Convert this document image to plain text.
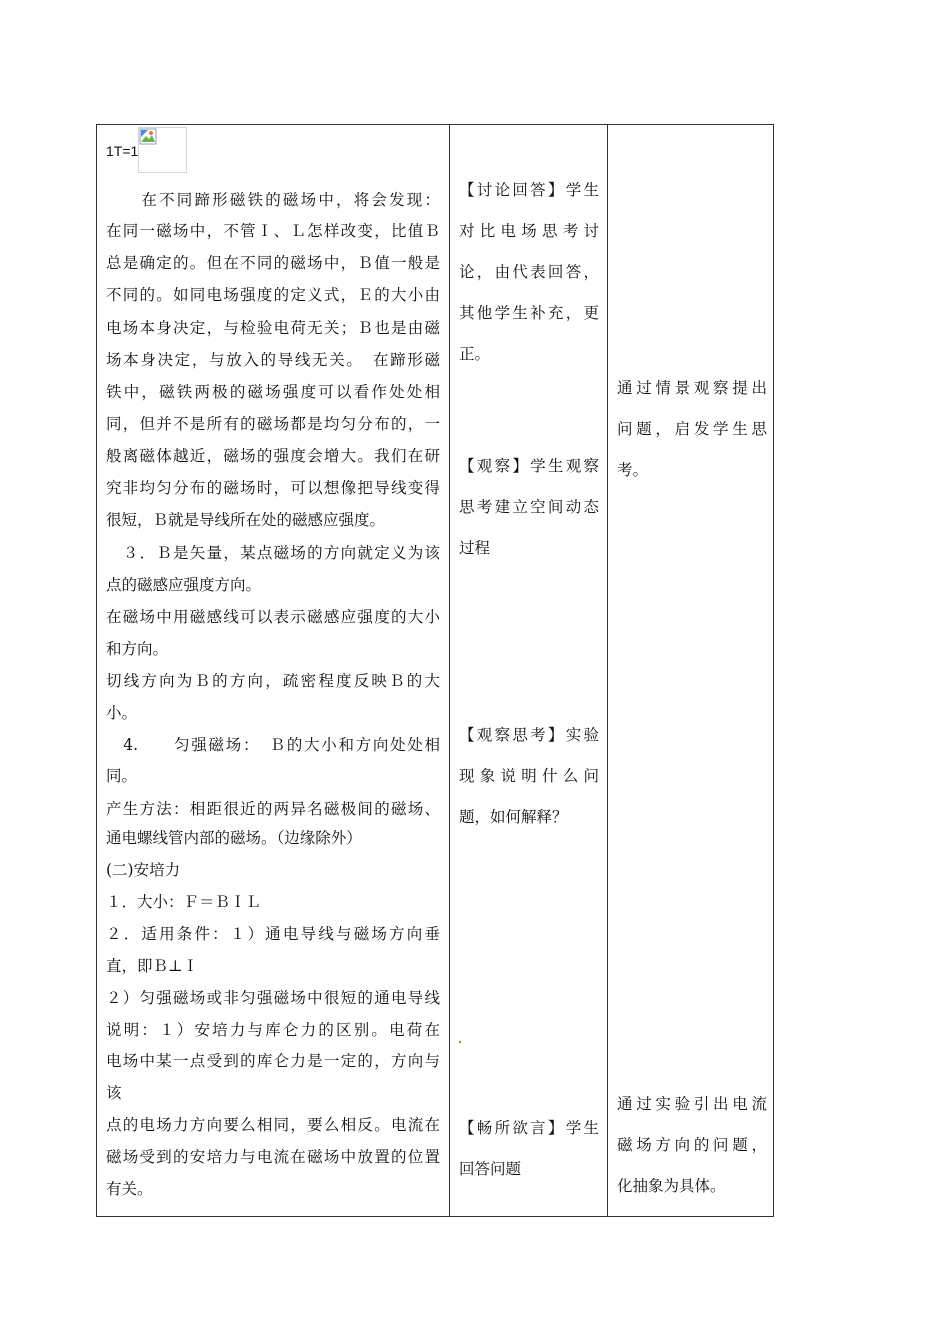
1T=1
　　在不同蹄形磁铁的磁场中，将会发现：
在同一磁场中，不管Ｉ、Ｌ怎样改变，比值Ｂ
总是确定的。但在不同的磁场中，Ｂ值一般是
不同的。如同电场强度的定义式，Ｅ的大小由
电场本身决定，与检验电荷无关；Ｂ也是由磁
场本身决定，与放入的导线无关。　在蹄形磁
铁中，磁铁两极的磁场强度可以看作处处相
同，但并不是所有的磁场都是均匀分布的，一
般离磁体越近，磁场的强度会增大。我们在研
究非均匀分布的磁场时，可以想像把导线变得
很短，Ｂ就是导线所在处的磁感应强度。
　３．Ｂ是矢量，某点磁场的方向就定义为该
点的磁感应强度方向。
在磁场中用磁感线可以表示磁感应强度的大小
和方向。
切线方向为Ｂ的方向，疏密程度反映Ｂ的大
小。
　4.　　匀强磁场：　Ｂ的大小和方向处处相
同。
产生方法：相距很近的两异名磁极间的磁场、
通电螺线管内部的磁场。（边缘除外）
(二)安培力
１．大小：Ｆ＝ＢＩＬ
２．适用条件：１）通电导线与磁场方向垂
直，即Ｂ⊥Ｉ
２）匀强磁场或非匀强磁场中很短的通电导线
说明：１）安培力与库仑力的区别。电荷在
电场中某一点受到的库仑力是一定的，方向与
该
点的电场力方向要么相同，要么相反。电流在
磁场受到的安培力与电流在磁场中放置的位置
有关。
【讨论回答】学生
对比电场思考讨
论，由代表回答，
其他学生补充，更
正。
【观察】学生观察
思考建立空间动态
过程
【观察思考】实验
现象说明什么问
题，如何解释？
【畅所欲言】学生
回答问题
通过情景观察提出
问题，启发学生思
考。
通过实验引出电流
磁场方向的问题，
化抽象为具体。
